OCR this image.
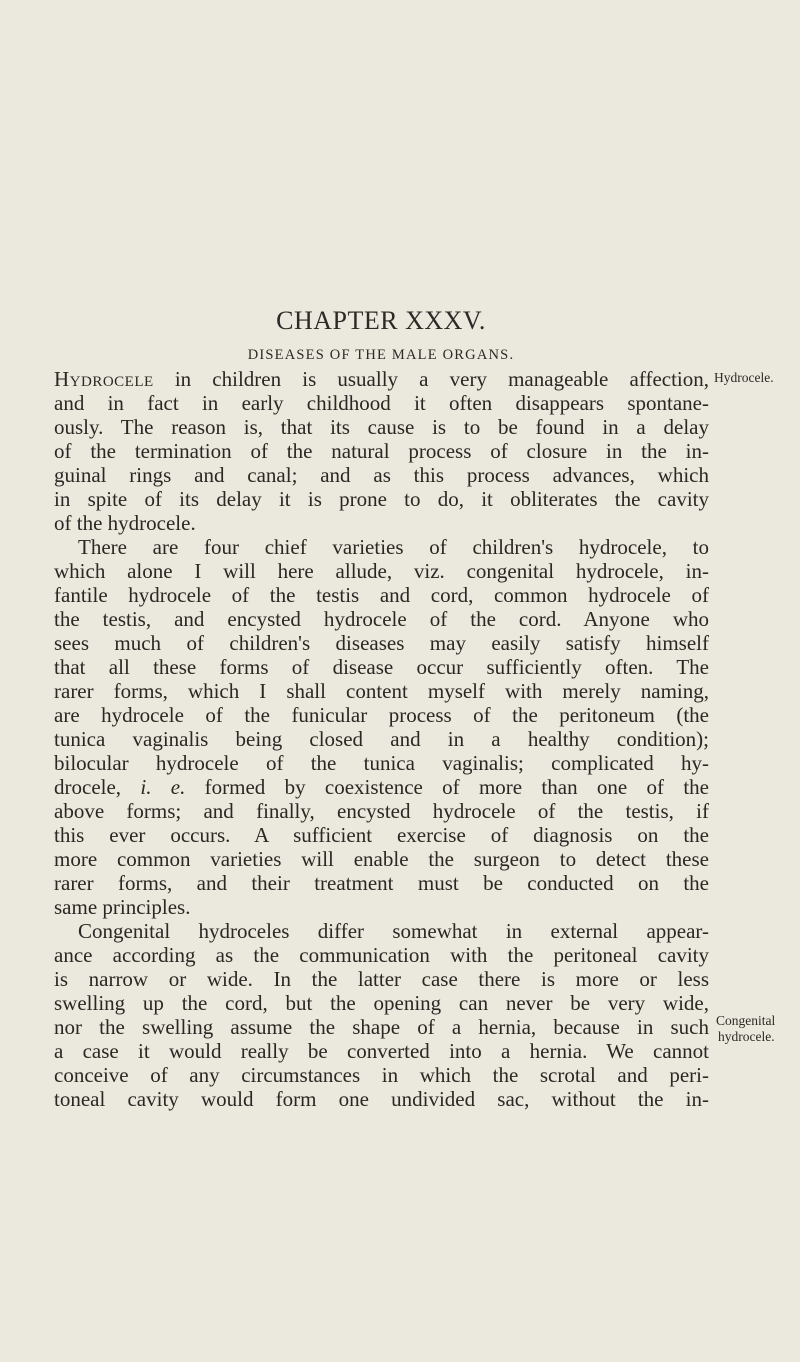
CHAPTER XXXV.
DISEASES OF THE MALE ORGANS.
Hydrocele.
Congenital
hydrocele.

Hydrocele in children is usually a very manageable affection,

and in fact in early childhood it often disappears spontane-

ously. The reason is, that its cause is to be found in a delay

of the termination of the natural process of closure in the in-

guinal rings and canal; and as this process advances, which

in spite of its delay it is prone to do, it obliterates the cavity

of the hydrocele.

There are four chief varieties of children's hydrocele, to

which alone I will here allude, viz. congenital hydrocele, in-

fantile hydrocele of the testis and cord, common hydrocele of

the testis, and encysted hydrocele of the cord. Anyone who

sees much of children's diseases may easily satisfy himself

that all these forms of disease occur sufficiently often. The

rarer forms, which I shall content myself with merely naming,

are hydrocele of the funicular process of the peritoneum (the

tunica vaginalis being closed and in a healthy condition);

bilocular hydrocele of the tunica vaginalis; complicated hy-

drocele, i. e. formed by coexistence of more than one of the

above forms; and finally, encysted hydrocele of the testis, if

this ever occurs. A sufficient exercise of diagnosis on the

more common varieties will enable the surgeon to detect these

rarer forms, and their treatment must be conducted on the

same principles.

Congenital hydroceles differ somewhat in external appear-

ance according as the communication with the peritoneal cavity

is narrow or wide. In the latter case there is more or less

swelling up the cord, but the opening can never be very wide,

nor the swelling assume the shape of a hernia, because in such

a case it would really be converted into a hernia. We cannot

conceive of any circumstances in which the scrotal and peri-

toneal cavity would form one undivided sac, without the in-
